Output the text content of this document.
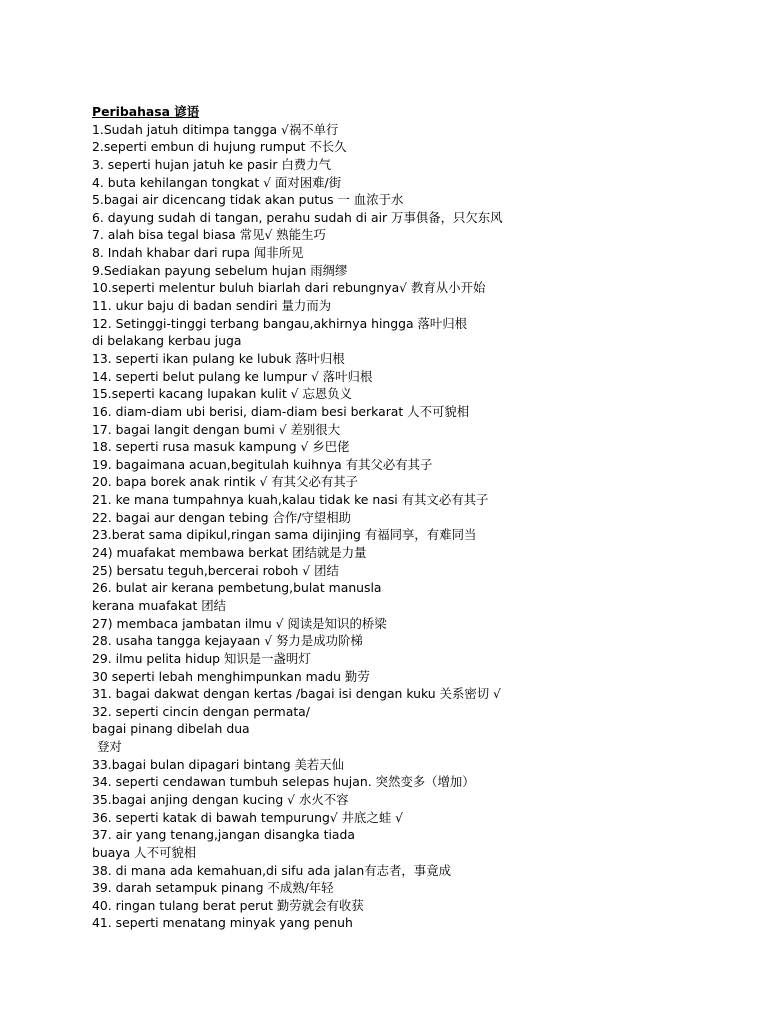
Peribahasa 谚语
1.Sudah jatuh ditimpa tangga √祸不单行
2.seperti embun di hujung rumput 不长久
3. seperti hujan jatuh ke pasir 白费力气
4. buta kehilangan tongkat √ 面对困难/街
5.bagai air dicencang tidak akan putus 一 血浓于水
6. dayung sudah di tangan, perahu sudah di air 万事俱备，只欠东风
7. alah bisa tegal biasa 常见√ 熟能生巧
8. Indah khabar dari rupa 闻非所见
9.Sediakan payung sebelum hujan 雨绸缪
10.seperti melentur buluh biarlah dari rebungnya√ 教育从小开始
11. ukur baju di badan sendiri 量力而为
12. Setinggi-tinggi terbang bangau,akhirnya hingga 落叶归根
di belakang kerbau juga
13. seperti ikan pulang ke lubuk 落叶归根
14. seperti belut pulang ke lumpur √ 落叶归根
15.seperti kacang lupakan kulit √ 忘恩负义
16. diam-diam ubi berisi, diam-diam besi berkarat 人不可貌相
17. bagai langit dengan bumi √ 差别很大
18. seperti rusa masuk kampung √ 乡巴佬
19. bagaimana acuan,begitulah kuihnya 有其父必有其子
20. bapa borek anak rintik √ 有其父必有其子
21. ke mana tumpahnya kuah,kalau tidak ke nasi 有其文必有其子
22. bagai aur dengan tebing 合作/守望相助
23.berat sama dipikul,ringan sama dijinjing 有福同享，有难同当
24) muafakat membawa berkat 团结就是力量
25) bersatu teguh,bercerai roboh √ 团结
26. bulat air kerana pembetung,bulat manusla
kerana muafakat 团结
27) membaca jambatan ilmu √ 阅读是知识的桥梁
28. usaha tangga kejayaan √ 努力是成功阶梯
29. ilmu pelita hidup 知识是一盏明灯
30 seperti lebah menghimpunkan madu 勤劳
31. bagai dakwat dengan kertas /bagai isi dengan kuku 关系密切 √
32. seperti cincin dengan permata/
bagai pinang dibelah dua
登对
33.bagai bulan dipagari bintang 美若天仙
34. seperti cendawan tumbuh selepas hujan. 突然变多（增加）
35.bagai anjing dengan kucing √ 水火不容
36. seperti katak di bawah tempurung√ 井底之蛙 √
37. air yang tenang,jangan disangka tiada
buaya 人不可貌相
38. di mana ada kemahuan,di sifu ada jalan有志者，事竟成
39. darah setampuk pinang 不成熟/年轻
40. ringan tulang berat perut 勤劳就会有收获
41. seperti menatang minyak yang penuh
